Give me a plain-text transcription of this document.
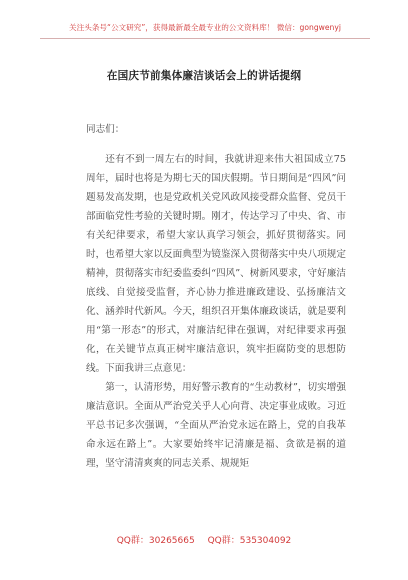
关注头条号“公文研究”，获得最新最全最专业的公文资料库！ 微信：gongwenyj
在国庆节前集体廉洁谈话会上的讲话提纲

同志们：

还有不到一周左右的时间，我就讲迎来伟大祖国成立75周年，届时也将是为期七天的国庆假期。节日期间是“四风”问题易发高发期，也是党政机关党风政风接受群众监督、党员干部面临党性考验的关键时期。刚才，传达学习了中央、省、市有关纪律要求，希望大家认真学习领会，抓好贯彻落实。同时，也希望大家以反面典型为镜鉴深入贯彻落实中央八项规定精神，贯彻落实市纪委监委纠“四风”、树新风要求，守好廉洁底线、自觉接受监督，齐心协力推进廉政建设、弘扬廉洁文化、涵养时代新风。今天，组织召开集体廉政谈话，就是要利用“第一形态”的形式，对廉洁纪律在强调，对纪律要求再强化，在关键节点真正树牢廉洁意识，筑牢拒腐防变的思想防线。下面我讲三点意见：

第一，认清形势，用好警示教育的“生动教材”，切实增强廉洁意识。全面从严治党关乎人心向背、决定事业成败。习近平总书记多次强调，“全面从严治党永远在路上，党的自我革命永远在路上”。大家要始终牢记清廉是福、贪欲是祸的道理，坚守清清爽爽的同志关系、规规矩

QQ群：30265665 QQ群：535304092
